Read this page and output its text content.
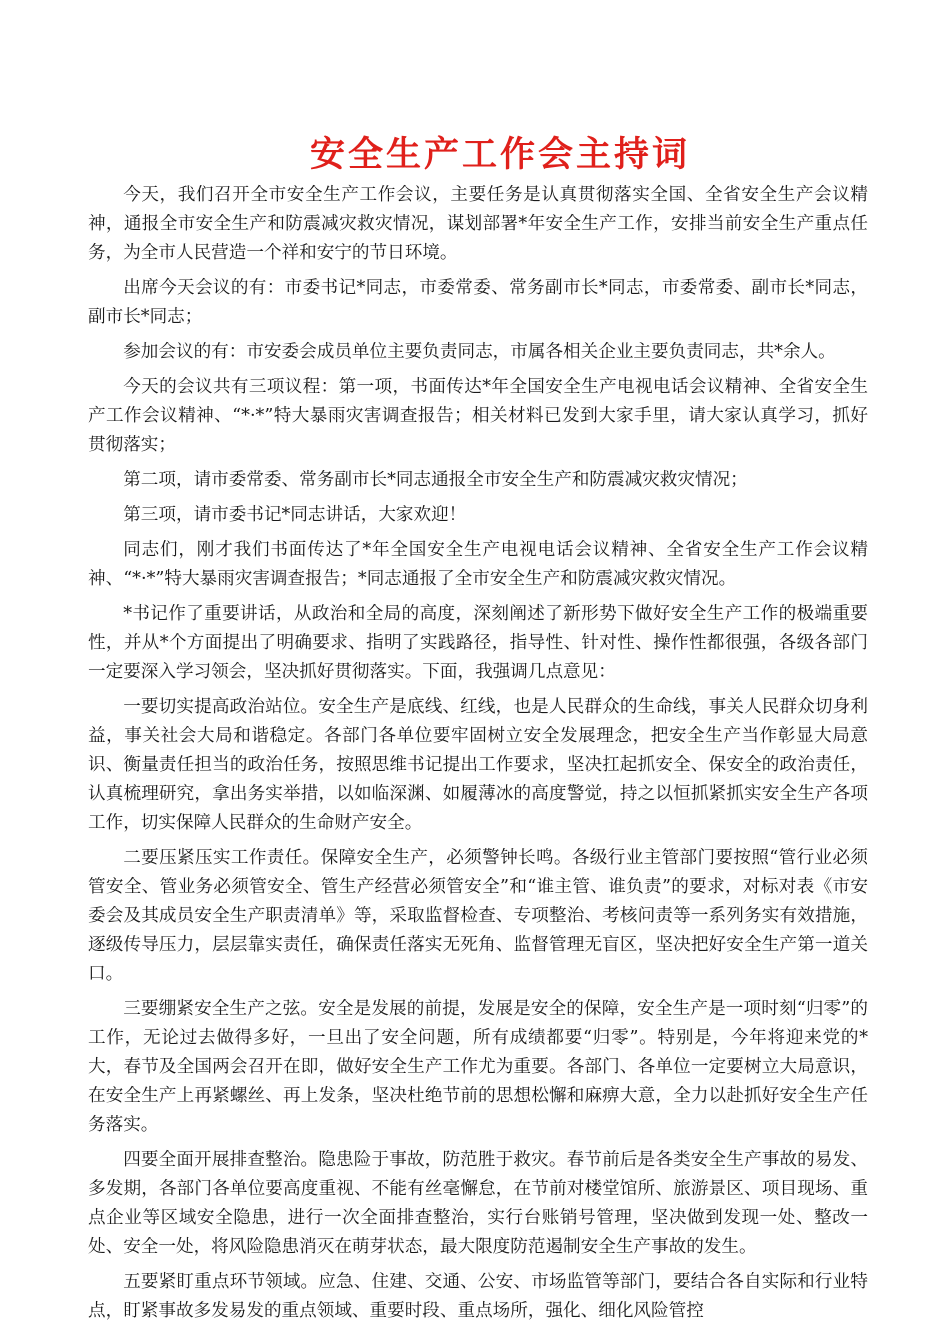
安全生产工作会主持词

今天，我们召开全市安全生产工作会议，主要任务是认真贯彻落实全国、全省安全生产会议精神，通报全市安全生产和防震减灾救灾情况，谋划部署*年安全生产工作，安排当前安全生产重点任务，为全市人民营造一个祥和安宁的节日环境。

出席今天会议的有：市委书记*同志，市委常委、常务副市长*同志，市委常委、副市长*同志，副市长*同志；

参加会议的有：市安委会成员单位主要负责同志，市属各相关企业主要负责同志，共*余人。

今天的会议共有三项议程：第一项，书面传达*年全国安全生产电视电话会议精神、全省安全生产工作会议精神、“*·*”特大暴雨灾害调查报告；相关材料已发到大家手里，请大家认真学习，抓好贯彻落实；

第二项，请市委常委、常务副市长*同志通报全市安全生产和防震减灾救灾情况；

第三项，请市委书记*同志讲话，大家欢迎！

同志们，刚才我们书面传达了*年全国安全生产电视电话会议精神、全省安全生产工作会议精神、“*·*”特大暴雨灾害调查报告；*同志通报了全市安全生产和防震减灾救灾情况。

*书记作了重要讲话，从政治和全局的高度，深刻阐述了新形势下做好安全生产工作的极端重要性，并从*个方面提出了明确要求、指明了实践路径，指导性、针对性、操作性都很强，各级各部门一定要深入学习领会，坚决抓好贯彻落实。下面，我强调几点意见：

一要切实提高政治站位。安全生产是底线、红线，也是人民群众的生命线，事关人民群众切身利益，事关社会大局和谐稳定。各部门各单位要牢固树立安全发展理念，把安全生产当作彰显大局意识、衡量责任担当的政治任务，按照思维书记提出工作要求，坚决扛起抓安全、保安全的政治责任，认真梳理研究，拿出务实举措，以如临深渊、如履薄冰的高度警觉，持之以恒抓紧抓实安全生产各项工作，切实保障人民群众的生命财产安全。

二要压紧压实工作责任。保障安全生产，必须警钟长鸣。各级行业主管部门要按照“管行业必须管安全、管业务必须管安全、管生产经营必须管安全”和“谁主管、谁负责”的要求，对标对表《市安委会及其成员安全生产职责清单》等，采取监督检查、专项整治、考核问责等一系列务实有效措施，逐级传导压力，层层靠实责任，确保责任落实无死角、监督管理无盲区，坚决把好安全生产第一道关口。

三要绷紧安全生产之弦。安全是发展的前提，发展是安全的保障，安全生产是一项时刻“归零”的工作，无论过去做得多好，一旦出了安全问题，所有成绩都要“归零”。特别是，今年将迎来党的*大，春节及全国两会召开在即，做好安全生产工作尤为重要。各部门、各单位一定要树立大局意识，在安全生产上再紧螺丝、再上发条，坚决杜绝节前的思想松懈和麻痹大意，全力以赴抓好安全生产任务落实。

四要全面开展排查整治。隐患险于事故，防范胜于救灾。春节前后是各类安全生产事故的易发、多发期，各部门各单位要高度重视、不能有丝毫懈怠，在节前对楼堂馆所、旅游景区、项目现场、重点企业等区域安全隐患，进行一次全面排查整治，实行台账销号管理，坚决做到发现一处、整改一处、安全一处，将风险隐患消灭在萌芽状态，最大限度防范遏制安全生产事故的发生。

五要紧盯重点环节领域。应急、住建、交通、公安、市场监管等部门，要结合各自实际和行业特点，盯紧事故多发易发的重点领域、重要时段、重点场所，强化、细化风险管控
